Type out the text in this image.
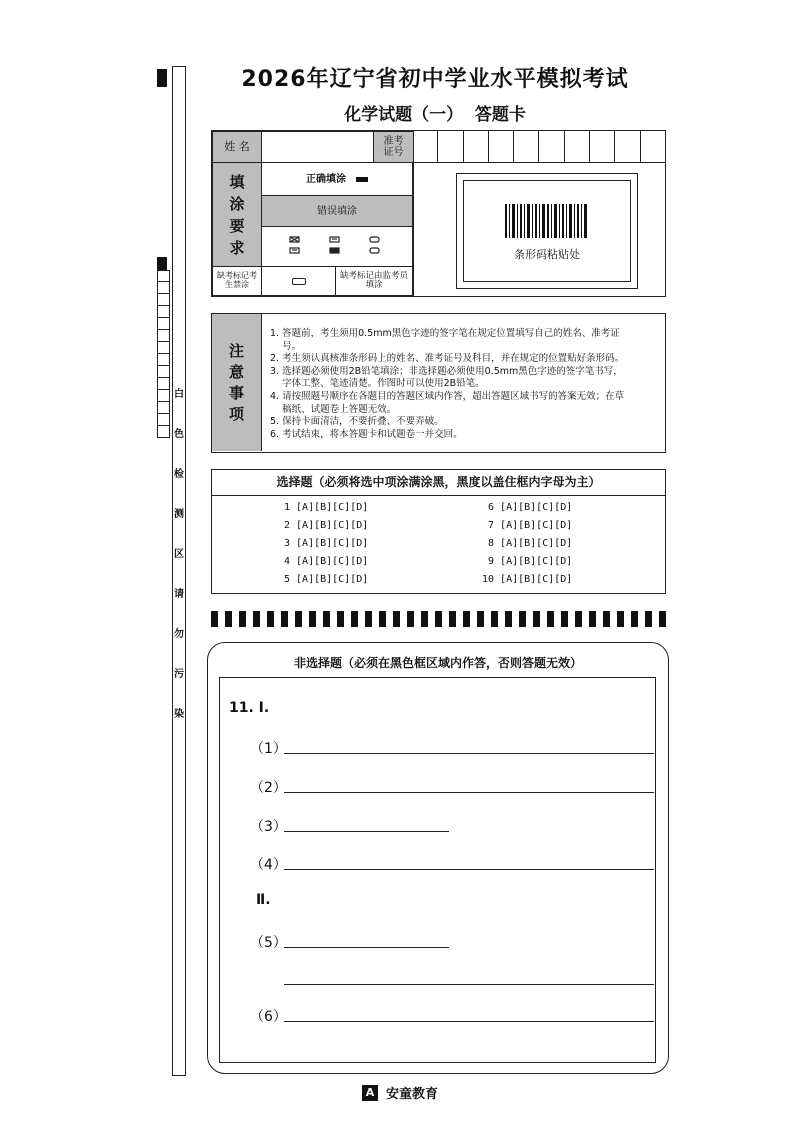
白
色
检
测
区
请
勿
污
染
2026年辽宁省初中学业水平模拟考试
化学试题（一）  答题卡
姓 名	准考证号
填涂要求
正确填涂
错误填涂
缺考标记考生禁涂
缺考标记由监考员填涂
条形码粘贴处
注意事项
1. 答题前，考生须用0.5mm黑色字迹的签字笔在规定位置填写自己的姓名、准考证
号。
2. 考生须认真核准条形码上的姓名、准考证号及科目，并在规定的位置贴好条形码。
3. 选择题必须使用2B铅笔填涂；非选择题必须使用0.5mm黑色字迹的签字笔书写，
字体工整、笔迹清楚。作图时可以使用2B铅笔。
4. 请按照题号顺序在各题目的答题区域内作答，超出答题区域书写的答案无效；在草
稿纸、试题卷上答题无效。
5. 保持卡面清洁，不要折叠、不要弄破。
6. 考试结束，将本答题卡和试题卷一并交回。
选择题（必须将选中项涂满涂黑，黑度以盖住框内字母为主）
1 [A][B][C][D]
2 [A][B][C][D]
3 [A][B][C][D]
4 [A][B][C][D]
5 [A][B][C][D]
6 [A][B][C][D]
7 [A][B][C][D]
8 [A][B][C][D]
9 [A][B][C][D]
10 [A][B][C][D]
非选择题（必须在黑色框区域内作答，否则答题无效）
11. Ⅰ.
（1）
（2）
（3）
（4）
Ⅱ.
（5）
（6）
A 安童教育
